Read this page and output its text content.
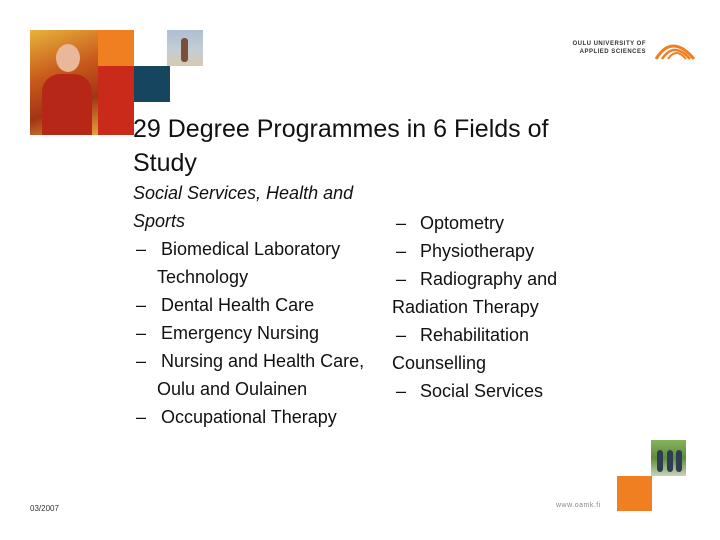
OULU UNIVERSITY OF
APPLIED SCIENCES
29 Degree Programmes in 6 Fields of Study
Social Services, Health and
Sports
– Biomedical Laboratory
Technology
– Dental Health Care
– Emergency Nursing
– Nursing and Health Care,
Oulu and Oulainen
– Occupational Therapy
– Optometry
– Physiotherapy
– Radiography and
Radiation Therapy
– Rehabilitation
Counselling
– Social Services
03/2007	www.oamk.fi
